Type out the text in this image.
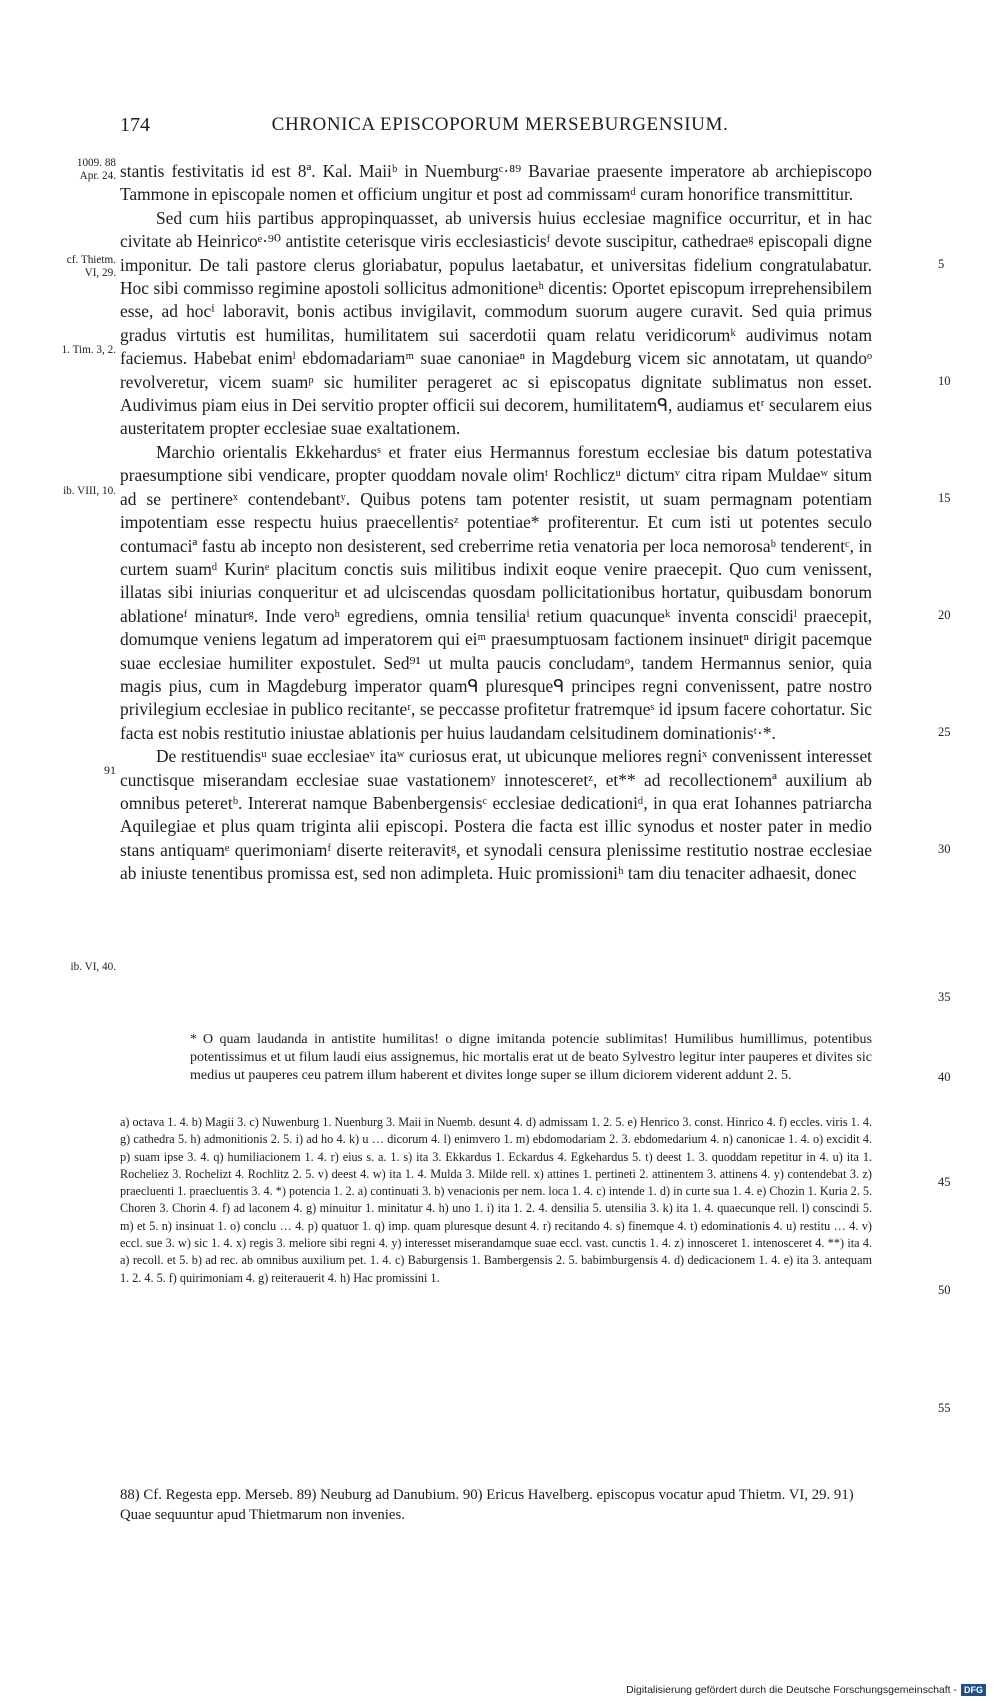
174	CHRONICA EPISCOPORUM MERSEBURGENSIUM.

stantis festivitatis id est 8ª. Kal. Maiiᵇ in Nuemburgᶜ·⁸⁹ Bavariae praesente imperatore ab archiepiscopo Tammone in episcopale nomen et officium ungitur et post ad commissamᵈ curam honorifice transmittitur.

Sed cum hiis partibus appropinquasset, ab universis huius ecclesiae magnifice occurritur, et in hac civitate ab Heinricoᵉ·⁹⁰ antistite ceterisque viris ecclesiasticisᶠ devote suscipitur, cathedraeᵍ episcopali digne imponitur. De tali pastore clerus gloriabatur, populus laetabatur, et universitas fidelium congratulabatur. Hoc sibi commisso regimine apostoli sollicitus admonitioneʰ dicentis: Oportet episcopum irreprehensibilem esse, ad hocⁱ laboravit, bonis actibus invigilavit, commodum suorum augere curavit. Sed quia primus gradus virtutis est humilitas, humilitatem sui sacerdotii quam relatu veridicorumᵏ audivimus notam faciemus. Habebat enimˡ ebdomadariamᵐ suae canoniaeⁿ in Magdeburg vicem sic annotatam, ut quandoᵒ revolveretur, vicem suamᵖ sic humiliter perageret ac si episcopatus dignitate sublimatus non esset. Audivimus piam eius in Dei servitio propter officii sui decorem, humilitatemᑫ, audiamus etʳ secularem eius austeritatem propter ecclesiae suae exaltationem.

Marchio orientalis Ekkehardusˢ et frater eius Hermannus forestum ecclesiae bis datum potestativa praesumptione sibi vendicare, propter quoddam novale olimᵗ Rochliczᵘ dictumᵛ citra ripam Muldaeʷ situm ad se pertinereˣ contendebantʸ. Quibus potens tam potenter resistit, ut suam permagnam potentiam impotentiam esse respectu huius praecellentisᶻ potentiae* profiterentur. Et cum isti ut potentes seculo contumaciª fastu ab incepto non desisterent, sed creberrime retia venatoria per loca nemorosaᵇ tenderentᶜ, in curtem suamᵈ Kurinᵉ placitum conctis suis militibus indixit eoque venire praecepit. Quo cum venissent, illatas sibi iniurias conqueritur et ad ulciscendas quosdam pollicitationibus hortatur, quibusdam bonorum ablationeᶠ minaturᵍ. Inde veroʰ egrediens, omnia tensiliaⁱ retium quacunqueᵏ inventa conscidiˡ praecepit, domumque veniens legatum ad imperatorem qui eiᵐ praesumptuosam factionem insinuetⁿ dirigit pacemque suae ecclesiae humiliter expostulet. Sed⁹¹ ut multa paucis concludamᵒ, tandem Hermannus senior, quia magis pius, cum in Magdeburg imperator quamᑫ pluresqueᑫ principes regni convenissent, patre nostro privilegium ecclesiae in publico recitanteʳ, se peccasse profitetur fratremqueˢ id ipsum facere cohortatur. Sic facta est nobis restitutio iniustae ablationis per huius laudandam celsitudinem dominationisᵗ·*.

De restituendisᵘ suae ecclesiaeᵛ itaʷ curiosus erat, ut ubicunque meliores regniˣ convenissent interesset cunctisque miserandam ecclesiae suae vastationemʸ innotesceretᶻ, et** ad recollectionemª auxilium ab omnibus peteretᵇ. Intererat namque Babenbergensisᶜ ecclesiae dedicationiᵈ, in qua erat Iohannes patriarcha Aquilegiae et plus quam triginta alii episcopi. Postera die facta est illic synodus et noster pater in medio stans antiquamᵉ querimoniamᶠ diserte reiteravitᵍ, et synodali censura plenissime restitutio nostrae ecclesiae ab iniuste tenentibus promissa est, sed non adimpleta. Huic promissioniʰ tam diu tenaciter adhaesit, donec

1009. 88
Apr. 24.
cf. Thietm.
VI, 29.
1. Tim. 3, 2.
ib. VIII, 10.
91
ib. VI, 40.
5
10
15
20
25
30
35
40
45
50
55
* O quam laudanda in antistite humilitas! o digne imitanda potencie sublimitas! Humilibus humillimus, potentibus potentissimus et ut filum laudi eius assignemus, hic mortalis erat ut de beato Sylvestro legitur inter pauperes et divites sic medius ut pauperes ceu patrem illum haberent et divites longe super se illum diciorem viderent addunt 2. 5.
a) octava 1. 4. b) Magii 3. c) Nuwenburg 1. Nuenburg 3. Maii in Nuemb. desunt 4. d) admissam 1. 2. 5. e) Henrico 3. const. Hinrico 4. f) eccles. viris 1. 4. g) cathedra 5. h) admonitionis 2. 5. i) ad ho 4. k) u … dicorum 4. l) enimvero 1. m) ebdomodariam 2. 3. ebdomedarium 4. n) canonicae 1. 4. o) excidit 4. p) suam ipse 3. 4. q) humiliacionem 1. 4. r) eius s. a. 1. s) ita 3. Ekkardus 1. Eckardus 4. Egkehardus 5. t) deest 1. 3. quoddam repetitur in 4. u) ita 1. Rocheliez 3. Rochelizt 4. Rochlitz 2. 5. v) deest 4. w) ita 1. 4. Mulda 3. Milde rell. x) attines 1. pertineti 2. attinentem 3. attinens 4. y) contendebat 3. z) praecluenti 1. praecluentis 3. 4. *) potencia 1. 2. a) continuati 3. b) venacionis per nem. loca 1. 4. c) intende 1. d) in curte sua 1. 4. e) Chozin 1. Kuria 2. 5. Choren 3. Chorin 4. f) ad laconem 4. g) minuitur 1. minitatur 4. h) uno 1. i) ita 1. 2. 4. densilia 5. utensilia 3. k) ita 1. 4. quaecunque rell. l) conscindi 5. m) et 5. n) insinuat 1. o) conclu … 4. p) quatuor 1. q) imp. quam pluresque desunt 4. r) recitando 4. s) finemque 4. t) edominationis 4. u) restitu … 4. v) eccl. sue 3. w) sic 1. 4. x) regis 3. meliore sibi regni 4. y) interesset miserandamque suae eccl. vast. cunctis 1. 4. z) innosceret 1. intenosceret 4. **) ita 4. a) recoll. et 5. b) ad rec. ab omnibus auxilium pet. 1. 4. c) Baburgensis 1. Bambergensis 2. 5. babimburgensis 4. d) dedicacionem 1. 4. e) ita 3. antequam 1. 2. 4. 5. f) quirimoniam 4. g) reiterauerit 4. h) Hac promissini 1.
88) Cf. Regesta epp. Merseb. 89) Neuburg ad Danubium. 90) Ericus Havelberg. episcopus vocatur apud Thietm. VI, 29. 91) Quae sequuntur apud Thietmarum non invenies.
Digitalisierung gefördert durch die Deutsche Forschungsgemeinschaft - DFG
